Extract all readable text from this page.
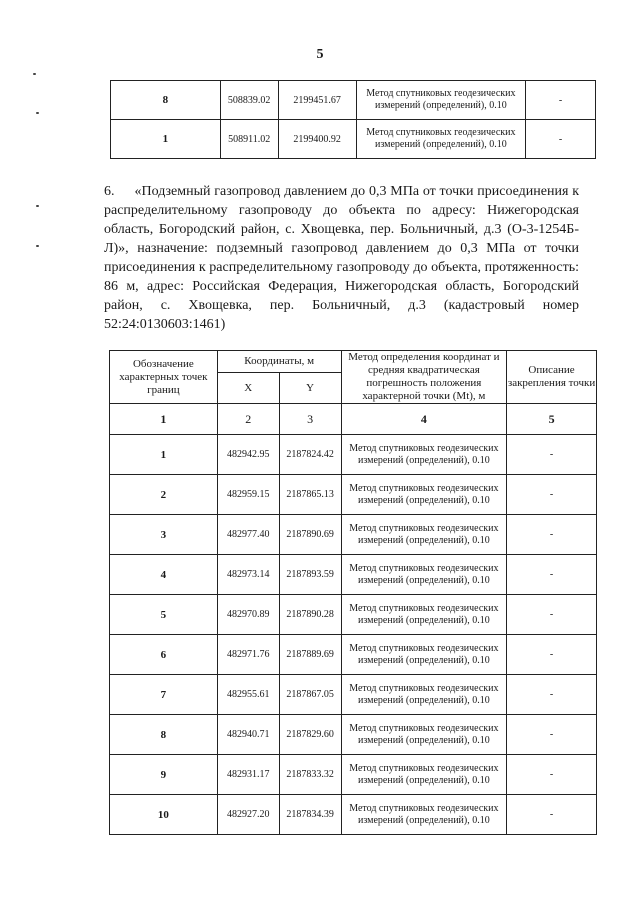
5
8	508839.02	2199451.67	Метод спутниковых геодезических измерений (определений), 0.10	-
1	508911.02	2199400.92	Метод спутниковых геодезических измерений (определений), 0.10	-
6. «Подземный газопровод давлением до 0,3 МПа от точки присоединения к распределительному газопроводу до объекта по адресу: Нижегородская область, Богородский район, с. Хвощевка, пер. Больничный, д.3 (О-3-1254Б-Л)», назначение: подземный газопровод давлением до 0,3 МПа от точки присоединения к распределительному газопроводу до объекта, протяженность: 86 м, адрес: Российская Федерация, Нижегородская область, Богородский район, с. Хвощевка, пер. Больничный, д.3 (кадастровый номер 52:24:0130603:1461)
Обозначение характерных точек границ	Координаты, м		Метод определения координат и средняя квадратическая погрешность положения характерной точки (Mt), м	Описание закрепления точки
	X	Y		
1	2	3	4	5
1	482942.95	2187824.42	Метод спутниковых геодезических измерений (определений), 0.10	-
2	482959.15	2187865.13	Метод спутниковых геодезических измерений (определений), 0.10	-
3	482977.40	2187890.69	Метод спутниковых геодезических измерений (определений), 0.10	-
4	482973.14	2187893.59	Метод спутниковых геодезических измерений (определений), 0.10	-
5	482970.89	2187890.28	Метод спутниковых геодезических измерений (определений), 0.10	-
6	482971.76	2187889.69	Метод спутниковых геодезических измерений (определений), 0.10	-
7	482955.61	2187867.05	Метод спутниковых геодезических измерений (определений), 0.10	-
8	482940.71	2187829.60	Метод спутниковых геодезических измерений (определений), 0.10	-
9	482931.17	2187833.32	Метод спутниковых геодезических измерений (определений), 0.10	-
10	482927.20	2187834.39	Метод спутниковых геодезических измерений (определений), 0.10	-
